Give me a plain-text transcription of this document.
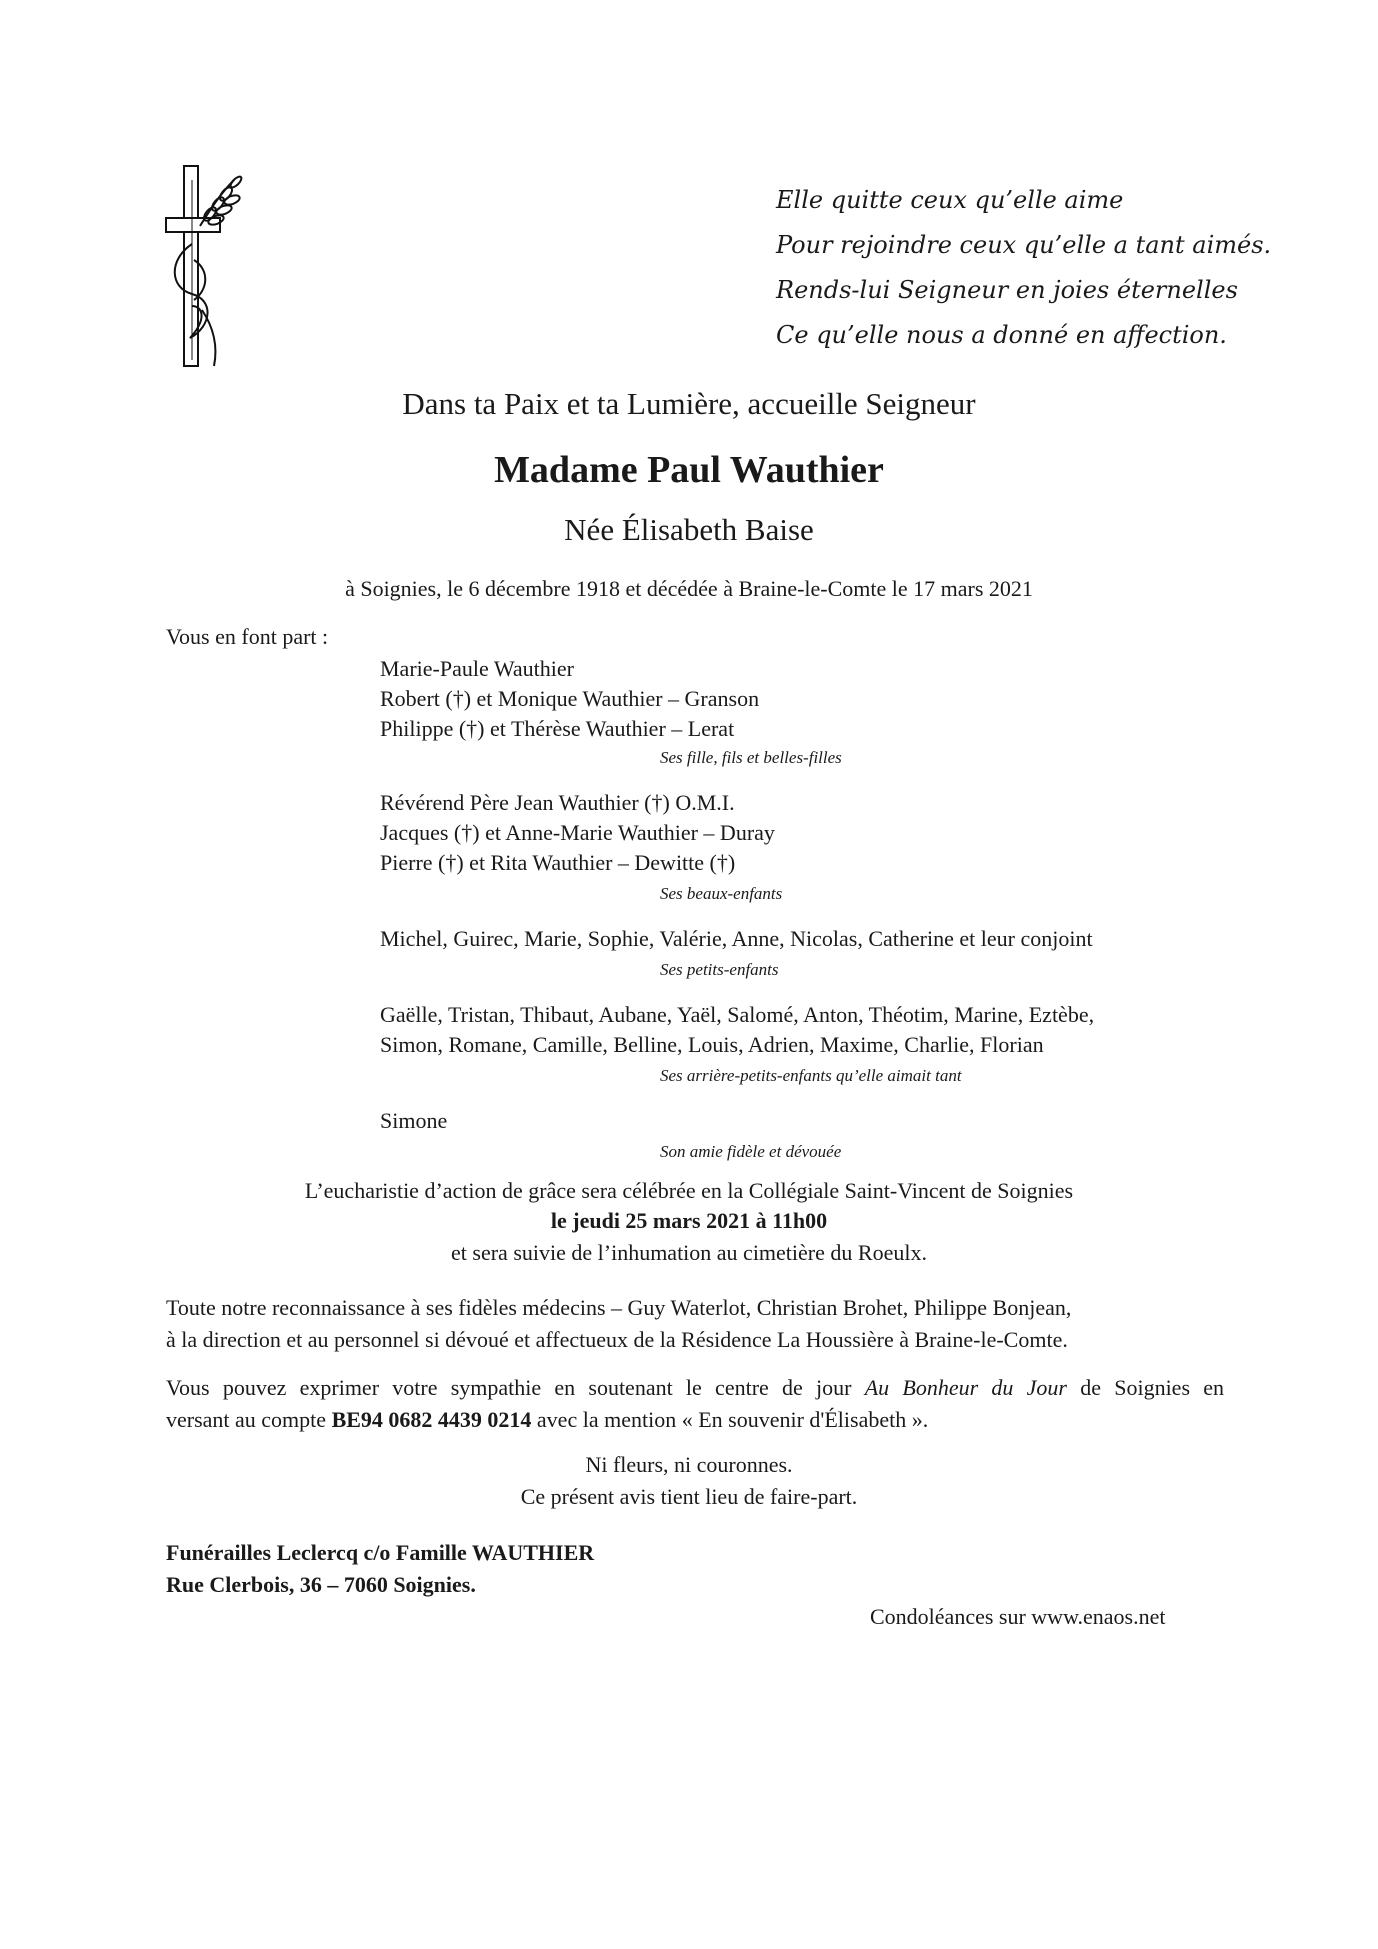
Elle quitte ceux qu’elle aime
Pour rejoindre ceux qu’elle a tant aimés.
Rends-lui Seigneur en joies éternelles
Ce qu’elle nous a donné en affection.
Dans ta Paix et ta Lumière, accueille Seigneur
Madame Paul Wauthier
Née Élisabeth Baise
à Soignies, le 6 décembre 1918 et décédée à Braine-le-Comte le 17 mars 2021
Vous en font part :
Marie-Paule Wauthier
Robert (†) et Monique Wauthier – Granson
Philippe (†) et Thérèse Wauthier – Lerat
Ses fille, fils et belles-filles
Révérend Père Jean Wauthier (†) O.M.I.
Jacques (†) et Anne-Marie Wauthier – Duray
Pierre (†) et Rita Wauthier – Dewitte (†)
Ses beaux-enfants
Michel, Guirec, Marie, Sophie, Valérie, Anne, Nicolas, Catherine et leur conjoint
Ses petits-enfants
Gaëlle, Tristan, Thibaut, Aubane, Yaël, Salomé, Anton, Théotim, Marine, Eztèbe,
Simon, Romane, Camille, Belline, Louis, Adrien, Maxime, Charlie, Florian
Ses arrière-petits-enfants qu’elle aimait tant
Simone
Son amie fidèle et dévouée
L’eucharistie d’action de grâce sera célébrée en la Collégiale Saint-Vincent de Soignies
le jeudi 25 mars 2021 à 11h00
et sera suivie de l’inhumation au cimetière du Roeulx.
Toute notre reconnaissance à ses fidèles médecins – Guy Waterlot, Christian Brohet, Philippe Bonjean,
à la direction et au personnel si dévoué et affectueux de la Résidence La Houssière à Braine-le-Comte.
Vous pouvez exprimer votre sympathie en soutenant le centre de jour Au Bonheur du Jour de Soignies en
versant au compte BE94 0682 4439 0214 avec la mention « En souvenir d'Élisabeth ».
Ni fleurs, ni couronnes.
Ce présent avis tient lieu de faire-part.
Funérailles Leclercq c/o Famille WAUTHIER
Rue Clerbois, 36 – 7060 Soignies.
Condoléances sur www.enaos.net
